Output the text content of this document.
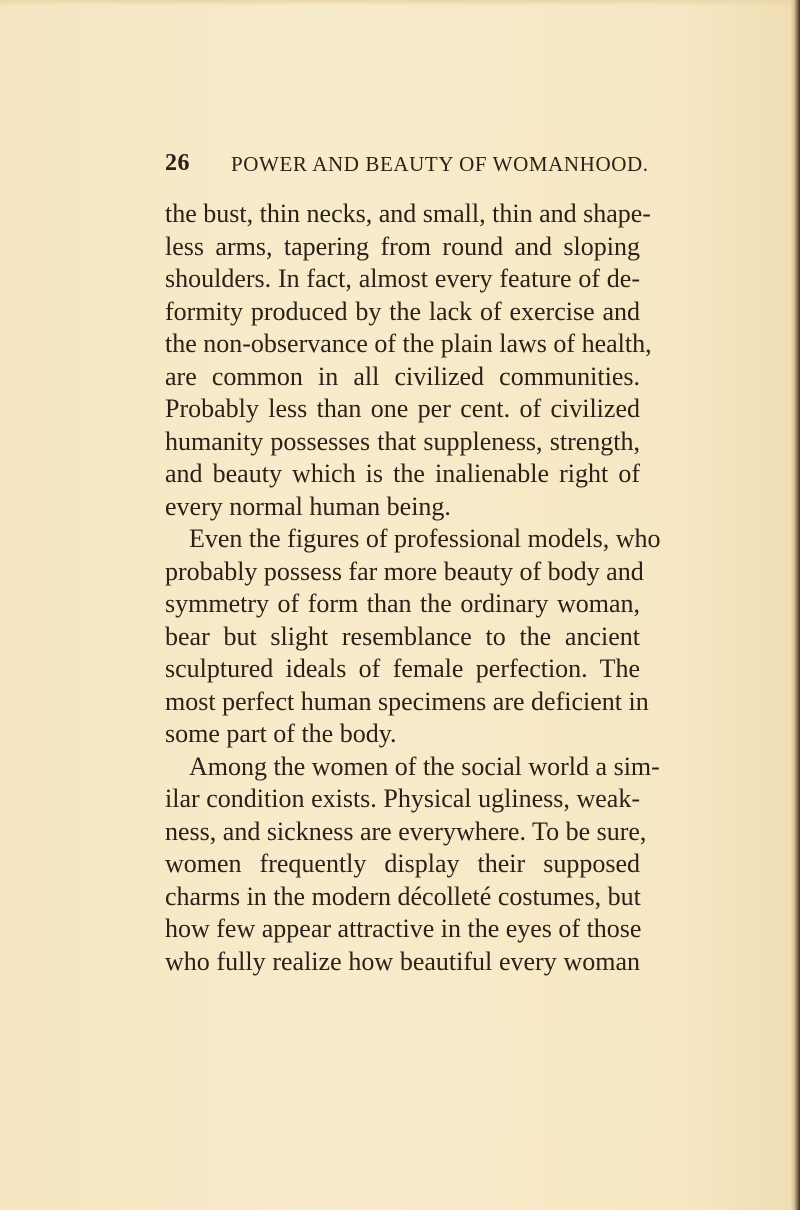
26 POWER AND BEAUTY OF WOMANHOOD.
the bust, thin necks, and small, thin and shape-
less arms, tapering from round and sloping
shoulders. In fact, almost every feature of de-
formity produced by the lack of exercise and
the non-observance of the plain laws of health,
are common in all civilized communities.
Probably less than one per cent. of civilized
humanity possesses that suppleness, strength,
and beauty which is the inalienable right of
every normal human being.
Even the figures of professional models, who
probably possess far more beauty of body and
symmetry of form than the ordinary woman,
bear but slight resemblance to the ancient
sculptured ideals of female perfection. The
most perfect human specimens are deficient in
some part of the body.
Among the women of the social world a sim-
ilar condition exists. Physical ugliness, weak-
ness, and sickness are everywhere. To be sure,
women frequently display their supposed
charms in the modern décolleté costumes, but
how few appear attractive in the eyes of those
who fully realize how beautiful every woman
